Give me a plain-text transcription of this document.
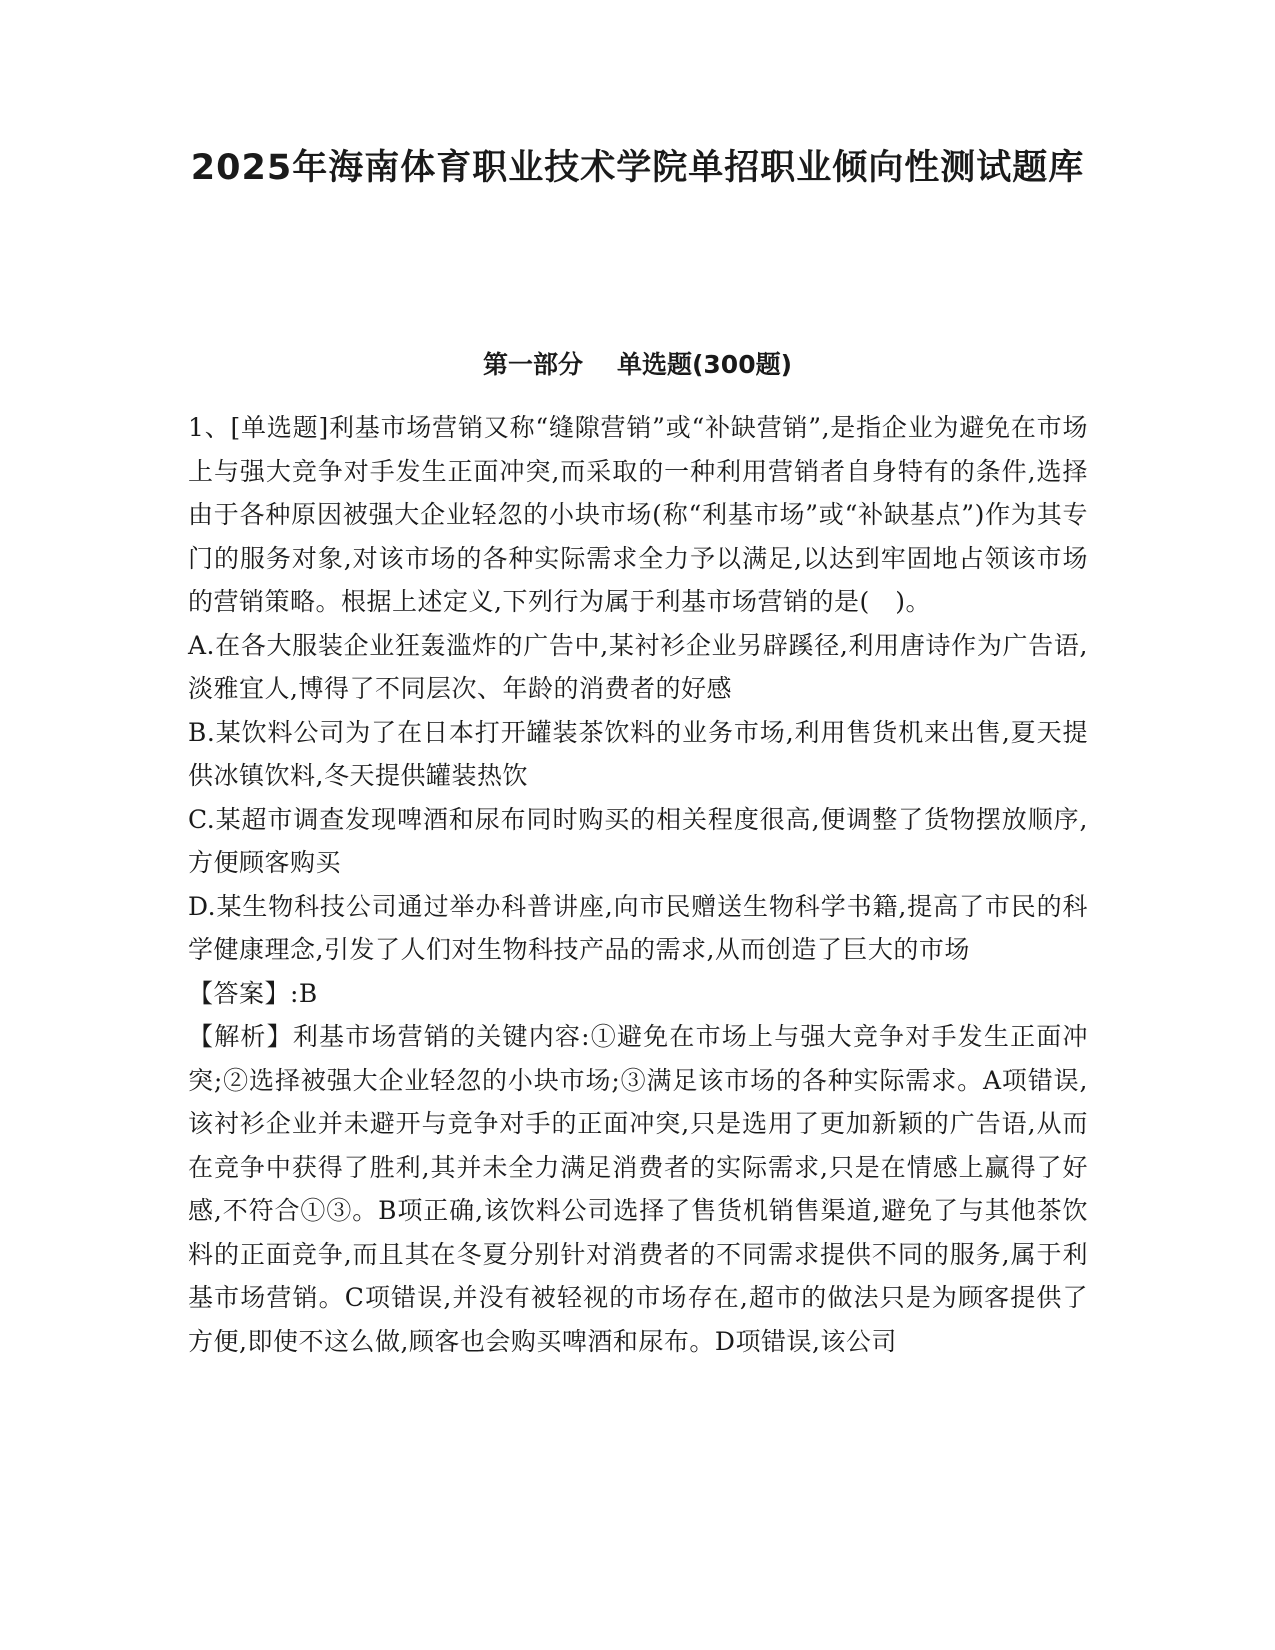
2025年海南体育职业技术学院单招职业倾向性测试题库
第一部分 单选题(300题)

1、[单选题]利基市场营销又称“缝隙营销”或“补缺营销”,是指企业为避免在市场上与强大竞争对手发生正面冲突,而采取的一种利用营销者自身特有的条件,选择由于各种原因被强大企业轻忽的小块市场(称“利基市场”或“补缺基点”)作为其专门的服务对象,对该市场的各种实际需求全力予以满足,以达到牢固地占领该市场的营销策略。根据上述定义,下列行为属于利基市场营销的是(　)。

A.在各大服装企业狂轰滥炸的广告中,某衬衫企业另辟蹊径,利用唐诗作为广告语,淡雅宜人,博得了不同层次、年龄的消费者的好感

B.某饮料公司为了在日本打开罐装茶饮料的业务市场,利用售货机来出售,夏天提供冰镇饮料,冬天提供罐装热饮

C.某超市调查发现啤酒和尿布同时购买的相关程度很高,便调整了货物摆放顺序,方便顾客购买

D.某生物科技公司通过举办科普讲座,向市民赠送生物科学书籍,提高了市民的科学健康理念,引发了人们对生物科技产品的需求,从而创造了巨大的市场

【答案】:B

【解析】利基市场营销的关键内容:①避免在市场上与强大竞争对手发生正面冲突;②选择被强大企业轻忽的小块市场;③满足该市场的各种实际需求。A项错误,该衬衫企业并未避开与竞争对手的正面冲突,只是选用了更加新颖的广告语,从而在竞争中获得了胜利,其并未全力满足消费者的实际需求,只是在情感上赢得了好感,不符合①③。B项正确,该饮料公司选择了售货机销售渠道,避免了与其他茶饮料的正面竞争,而且其在冬夏分别针对消费者的不同需求提供不同的服务,属于利基市场营销。C项错误,并没有被轻视的市场存在,超市的做法只是为顾客提供了方便,即使不这么做,顾客也会购买啤酒和尿布。D项错误,该公司
